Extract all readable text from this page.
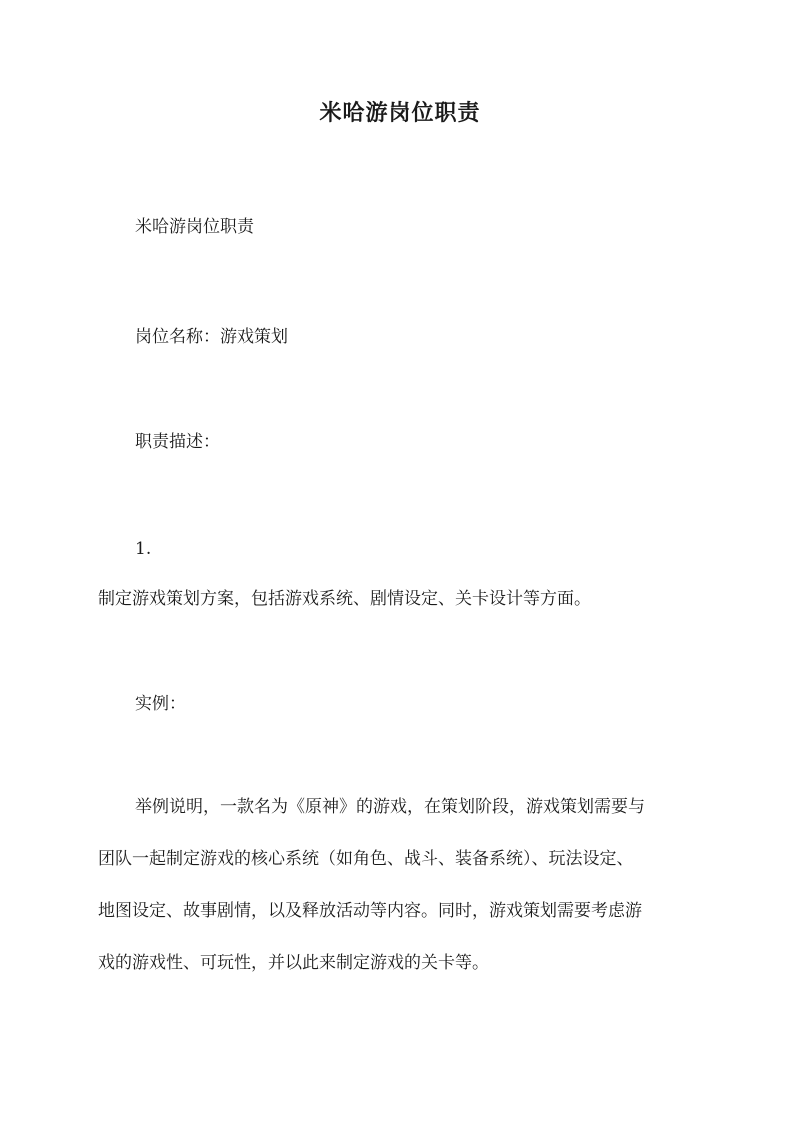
米哈游岗位职责

米哈游岗位职责

岗位名称：游戏策划

职责描述：

1.

制定游戏策划方案，包括游戏系统、剧情设定、关卡设计等方面。

实例：

举例说明，一款名为《原神》的游戏，在策划阶段，游戏策划需要与
团队一起制定游戏的核心系统（如角色、战斗、装备系统）、玩法设定、
地图设定、故事剧情，以及释放活动等内容。同时，游戏策划需要考虑游
戏的游戏性、可玩性，并以此来制定游戏的关卡等。
